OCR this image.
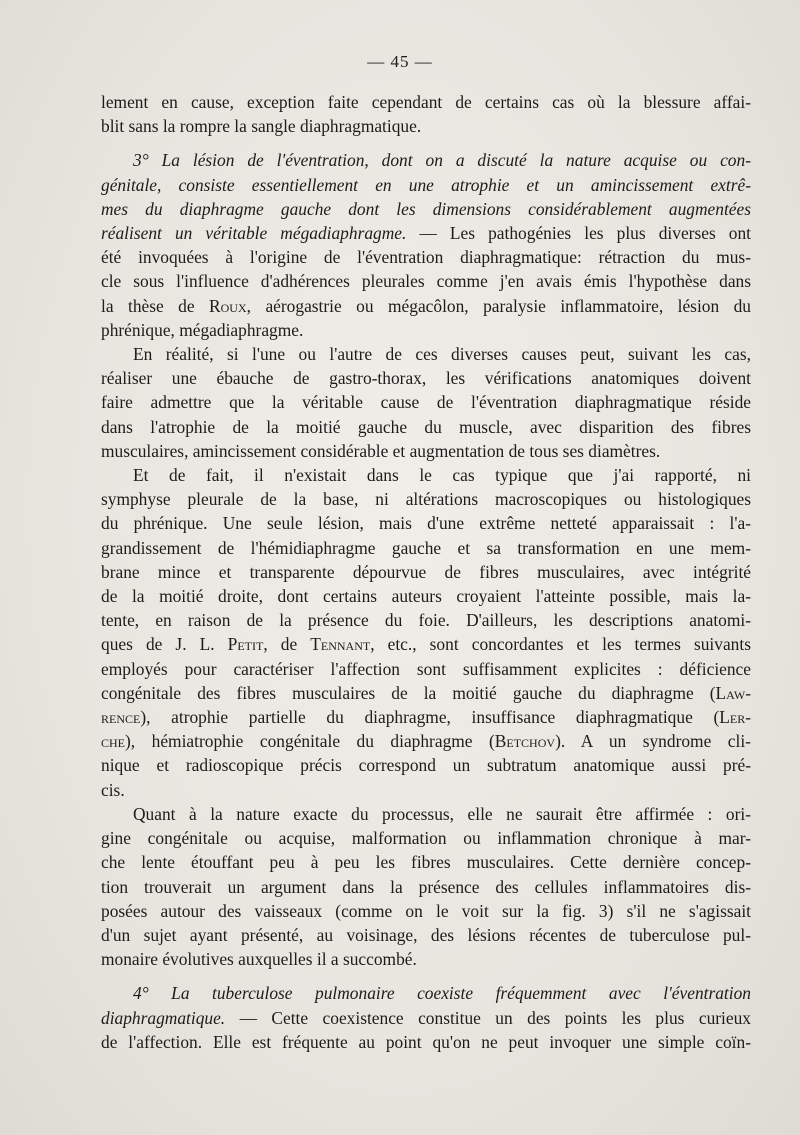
— 45 —
lement en cause, exception faite cependant de certains cas où la blessure affai-
blit sans la rompre la sangle diaphragmatique.
3° La lésion de l'éventration, dont on a discuté la nature acquise ou con-
génitale, consiste essentiellement en une atrophie et un amincissement extrê-
mes du diaphragme gauche dont les dimensions considérablement augmentées
réalisent un véritable mégadiaphragme. — Les pathogénies les plus diverses ont
été invoquées à l'origine de l'éventration diaphragmatique: rétraction du mus-
cle sous l'influence d'adhérences pleurales comme j'en avais émis l'hypothèse dans
la thèse de Roux, aérogastrie ou mégacôlon, paralysie inflammatoire, lésion du
phrénique, mégadiaphragme.
En réalité, si l'une ou l'autre de ces diverses causes peut, suivant les cas,
réaliser une ébauche de gastro-thorax, les vérifications anatomiques doivent
faire admettre que la véritable cause de l'éventration diaphragmatique réside
dans l'atrophie de la moitié gauche du muscle, avec disparition des fibres
musculaires, amincissement considérable et augmentation de tous ses diamètres.
Et de fait, il n'existait dans le cas typique que j'ai rapporté, ni
symphyse pleurale de la base, ni altérations macroscopiques ou histologiques
du phrénique. Une seule lésion, mais d'une extrême netteté apparaissait : l'a-
grandissement de l'hémidiaphragme gauche et sa transformation en une mem-
brane mince et transparente dépourvue de fibres musculaires, avec intégrité
de la moitié droite, dont certains auteurs croyaient l'atteinte possible, mais la-
tente, en raison de la présence du foie. D'ailleurs, les descriptions anatomi-
ques de J. L. Petit, de Tennant, etc., sont concordantes et les termes suivants
employés pour caractériser l'affection sont suffisamment explicites : déficience
congénitale des fibres musculaires de la moitié gauche du diaphragme (Law-
rence), atrophie partielle du diaphragme, insuffisance diaphragmatique (Ler-
che), hémiatrophie congénitale du diaphragme (Betchov). A un syndrome cli-
nique et radioscopique précis correspond un subtratum anatomique aussi pré-
cis.
Quant à la nature exacte du processus, elle ne saurait être affirmée : ori-
gine congénitale ou acquise, malformation ou inflammation chronique à mar-
che lente étouffant peu à peu les fibres musculaires. Cette dernière concep-
tion trouverait un argument dans la présence des cellules inflammatoires dis-
posées autour des vaisseaux (comme on le voit sur la fig. 3) s'il ne s'agissait
d'un sujet ayant présenté, au voisinage, des lésions récentes de tuberculose pul-
monaire évolutives auxquelles il a succombé.
4° La tuberculose pulmonaire coexiste fréquemment avec l'éventration
diaphragmatique. — Cette coexistence constitue un des points les plus curieux
de l'affection. Elle est fréquente au point qu'on ne peut invoquer une simple coïn-
